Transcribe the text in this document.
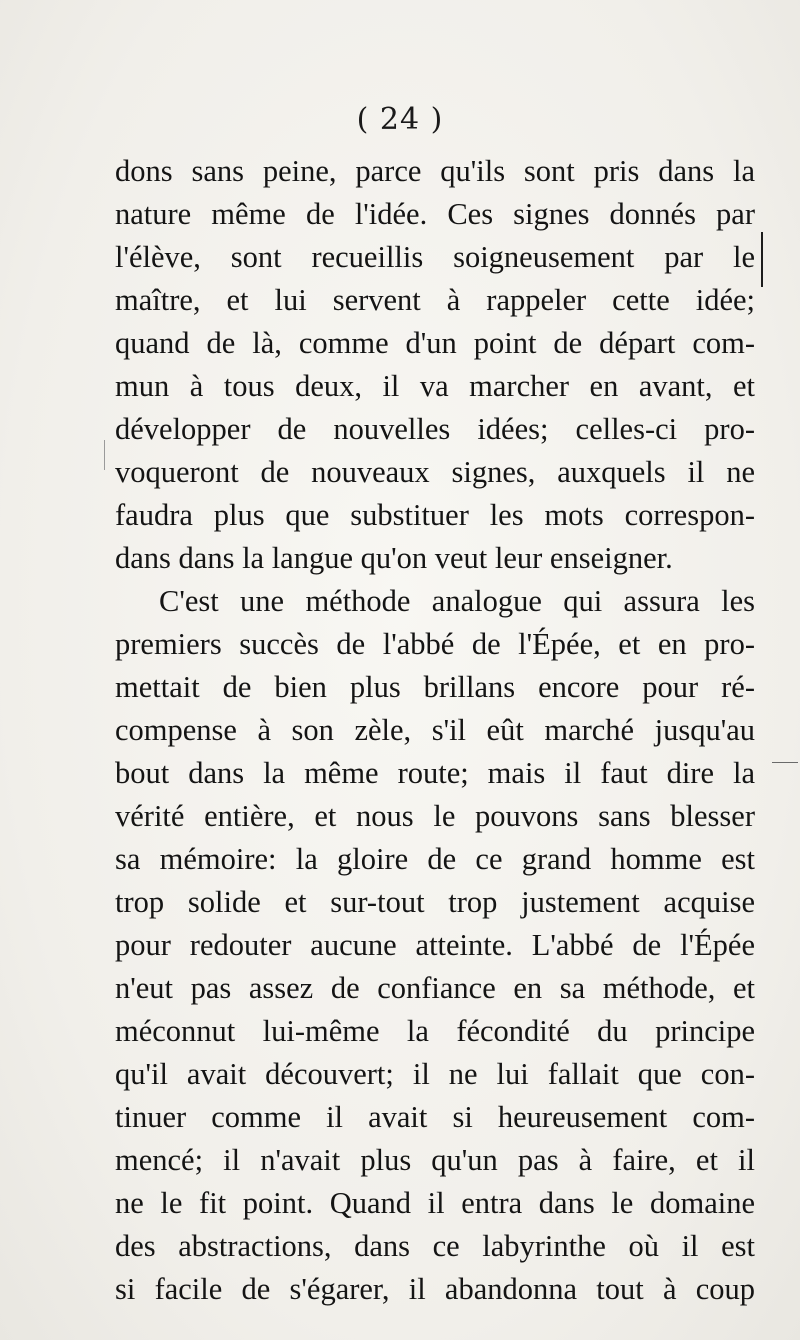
( 24 )
dons sans peine, parce qu'ils sont pris dans la
nature même de l'idée. Ces signes donnés par
l'élève, sont recueillis soigneusement par le
maître, et lui servent à rappeler cette idée;
quand de là, comme d'un point de départ com-
mun à tous deux, il va marcher en avant, et
développer de nouvelles idées; celles-ci pro-
voqueront de nouveaux signes, auxquels il ne
faudra plus que substituer les mots correspon-
dans dans la langue qu'on veut leur enseigner.
C'est une méthode analogue qui assura les
premiers succès de l'abbé de l'Épée, et en pro-
mettait de bien plus brillans encore pour ré-
compense à son zèle, s'il eût marché jusqu'au
bout dans la même route; mais il faut dire la
vérité entière, et nous le pouvons sans blesser
sa mémoire: la gloire de ce grand homme est
trop solide et sur-tout trop justement acquise
pour redouter aucune atteinte. L'abbé de l'Épée
n'eut pas assez de confiance en sa méthode, et
méconnut lui-même la fécondité du principe
qu'il avait découvert; il ne lui fallait que con-
tinuer comme il avait si heureusement com-
mencé; il n'avait plus qu'un pas à faire, et il
ne le fit point. Quand il entra dans le domaine
des abstractions, dans ce labyrinthe où il est
si facile de s'égarer, il abandonna tout à coup
